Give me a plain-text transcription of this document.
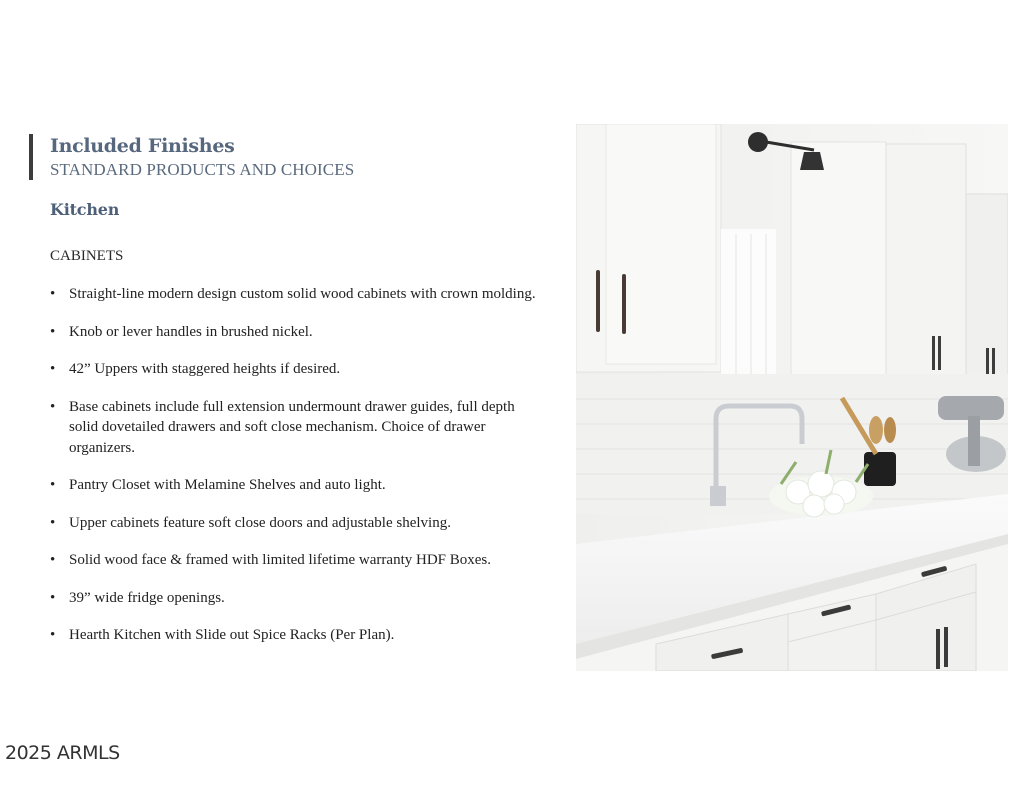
Included Finishes
STANDARD PRODUCTS AND CHOICES
Kitchen
CABINETS
• Straight-line modern design custom solid wood cabinets with crown molding.
• Knob or lever handles in brushed nickel.
• 42” Uppers with staggered heights if desired.
• Base cabinets include full extension undermount drawer guides, full depth solid dovetailed drawers and soft close mechanism. Choice of drawer organizers.
• Pantry Closet with Melamine Shelves and auto light.
• Upper cabinets feature soft close doors and adjustable shelving.
• Solid wood face & framed with limited lifetime warranty HDF Boxes.
• 39” wide fridge openings.
• Hearth Kitchen with Slide out Spice Racks (Per Plan).
2025 ARMLS
